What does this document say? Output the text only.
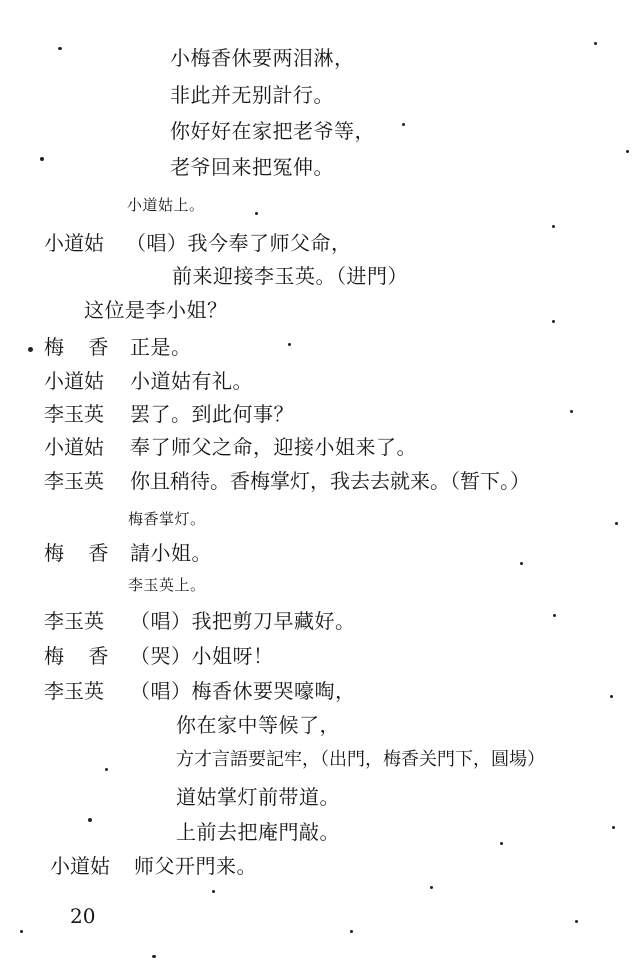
小梅香休要两泪淋，
非此并无别計行。
你好好在家把老爷等，
老爷回来把冤伸。
小道姑上。
小道姑 （唱）我今奉了师父命，
前来迎接李玉英。（进門）
这位是李小姐？
梅 香 正是。
小道姑 小道姑有礼。
李玉英 罢了。到此何事？
小道姑 奉了师父之命，迎接小姐来了。
李玉英 你且稍待。香梅掌灯，我去去就来。（暂下。）
梅香掌灯。
梅 香 請小姐。
李玉英上。
李玉英 （唱）我把剪刀早藏好。
梅 香 （哭）小姐呀！
李玉英 （唱）梅香休要哭嚎啕，
你在家中等候了，
方才言語要記牢，（出門，梅香关門下，圓場）
道姑掌灯前带道。
上前去把庵門敲。
小道姑 师父开門来。
20
